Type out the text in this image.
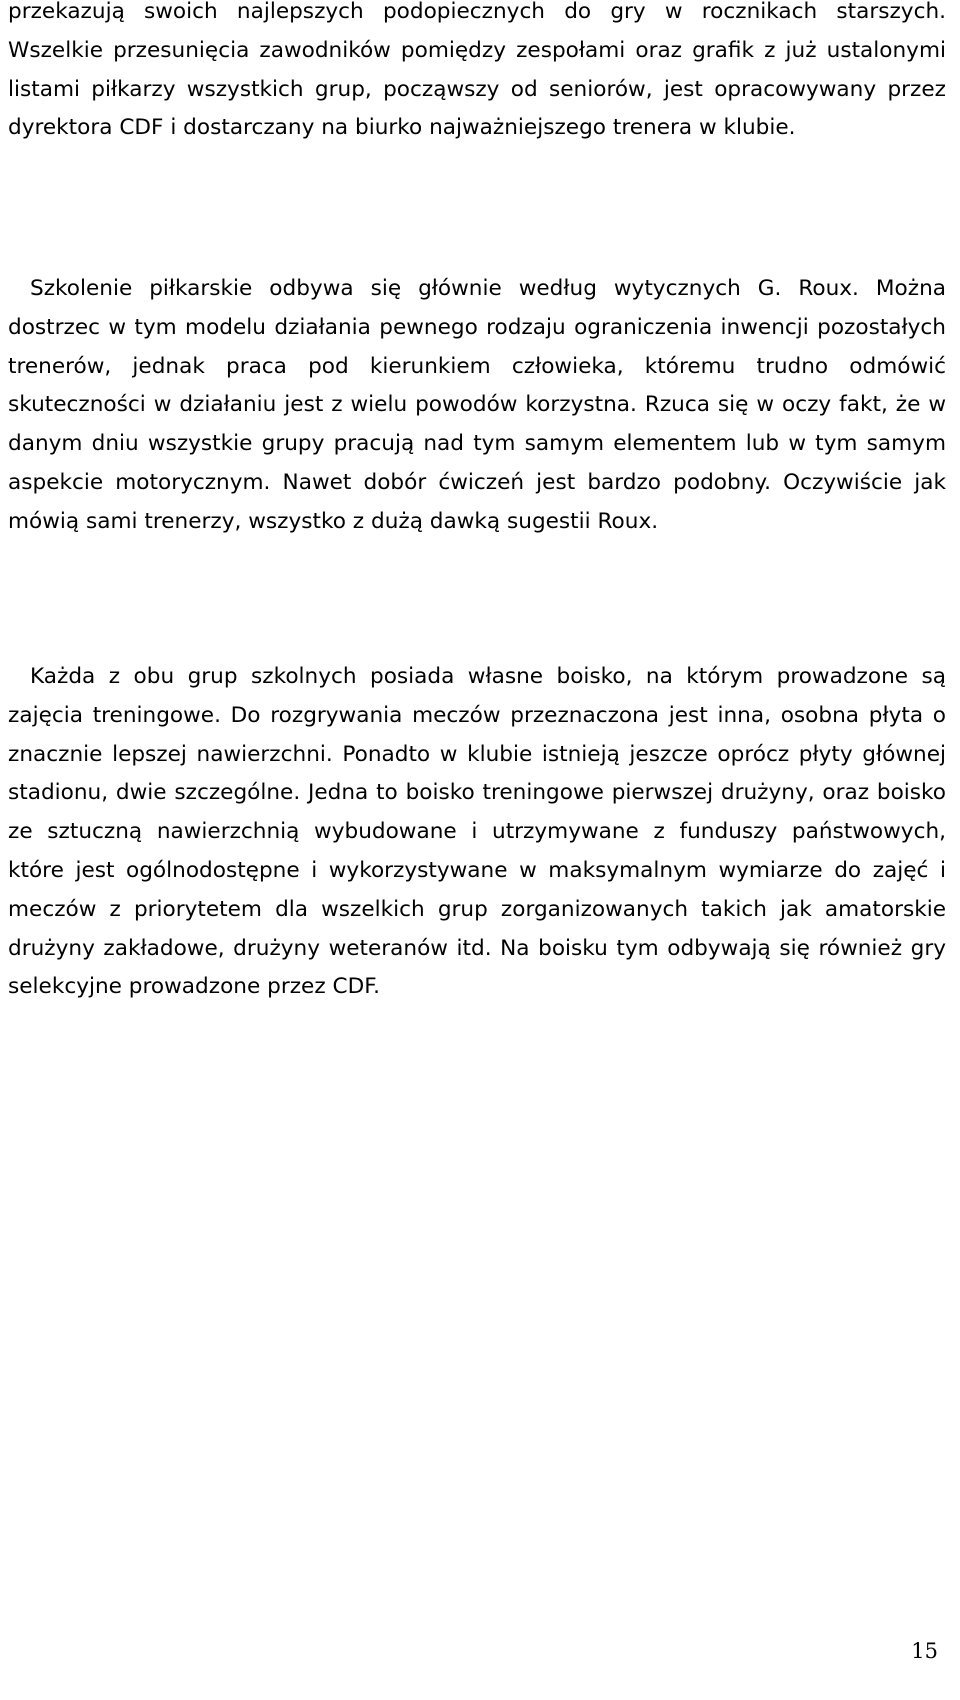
przekazują swoich najlepszych podopiecznych do gry w rocznikach starszych. Wszelkie przesunięcia zawodników pomiędzy zespołami oraz grafik z już ustalonymi listami piłkarzy wszystkich grup, począwszy od seniorów, jest opracowywany przez dyrektora CDF i dostarczany na biurko najważniejszego trenera w klubie.

Szkolenie piłkarskie odbywa się głównie według wytycznych G. Roux. Można dostrzec w tym modelu działania pewnego rodzaju ograniczenia inwencji pozostałych trenerów, jednak praca pod kierunkiem człowieka, któremu trudno odmówić skuteczności w działaniu jest z wielu powodów korzystna. Rzuca się w oczy fakt, że w danym dniu wszystkie grupy pracują nad tym samym elementem lub w tym samym aspekcie motorycznym. Nawet dobór ćwiczeń jest bardzo podobny. Oczywiście jak mówią sami trenerzy, wszystko z dużą dawką sugestii Roux.

Każda z obu grup szkolnych posiada własne boisko, na którym prowadzone są zajęcia treningowe. Do rozgrywania meczów przeznaczona jest inna, osobna płyta o znacznie lepszej nawierzchni. Ponadto w klubie istnieją jeszcze oprócz płyty głównej stadionu, dwie szczególne. Jedna to boisko treningowe pierwszej drużyny, oraz boisko ze sztuczną nawierzchnią wybudowane i utrzymywane z funduszy państwowych, które jest ogólnodostępne i wykorzystywane w maksymalnym wymiarze do zajęć i meczów z priorytetem dla wszelkich grup zorganizowanych takich jak amatorskie drużyny zakładowe, drużyny weteranów itd. Na boisku tym odbywają się również gry selekcyjne prowadzone przez CDF.

15
